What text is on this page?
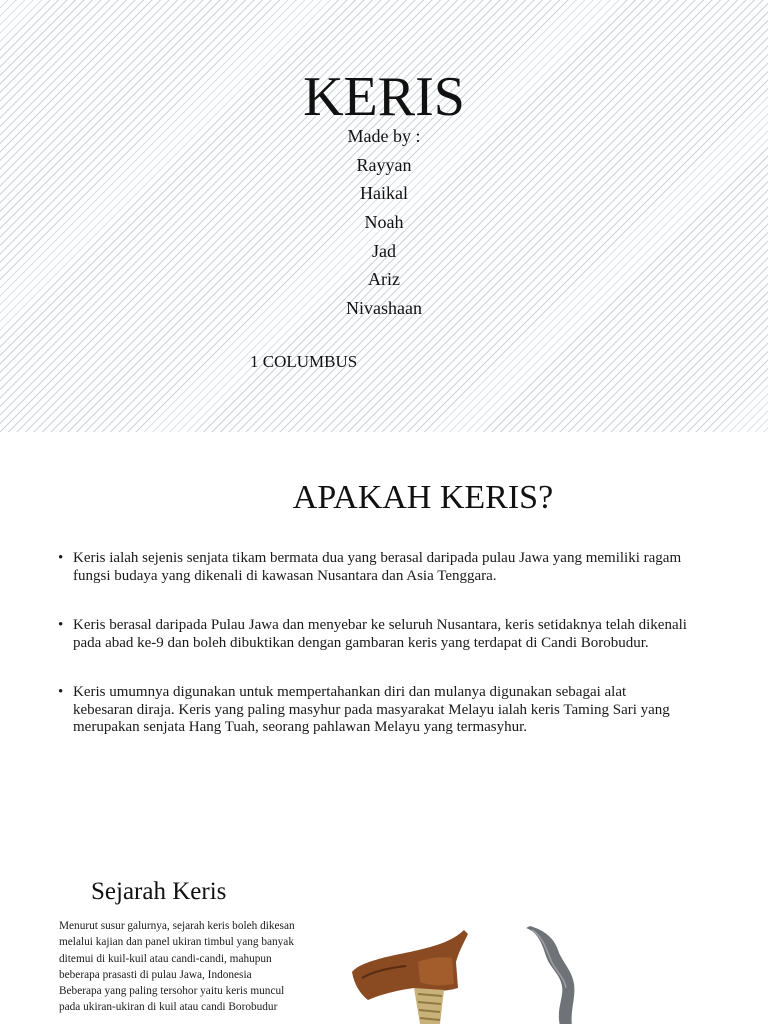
KERIS
Made by :
Rayyan
Haikal
Noah
Jad
Ariz
Nivashaan
1 COLUMBUS
APAKAH KERIS?
• Keris ialah sejenis senjata tikam bermata dua yang berasal daripada pulau Jawa yang memiliki ragam fungsi budaya yang dikenali di kawasan Nusantara dan Asia Tenggara.
• Keris berasal daripada Pulau Jawa dan menyebar ke seluruh Nusantara, keris setidaknya telah dikenali pada abad ke-9 dan boleh dibuktikan dengan gambaran keris yang terdapat di Candi Borobudur.
• Keris umumnya digunakan untuk mempertahankan diri dan mulanya digunakan sebagai alat kebesaran diraja. Keris yang paling masyhur pada masyarakat Melayu ialah keris Taming Sari yang merupakan senjata Hang Tuah, seorang pahlawan Melayu yang termasyhur.
Sejarah Keris

Menurut susur galurnya, sejarah keris boleh dikesan melalui kajian dan panel ukiran timbul yang banyak ditemui di kuil-kuil atau candi-candi, mahupun beberapa prasasti di pulau Jawa, Indonesia Beberapa yang paling tersohor yaitu keris muncul pada ukiran-ukiran di kuil atau candi Borobudur
